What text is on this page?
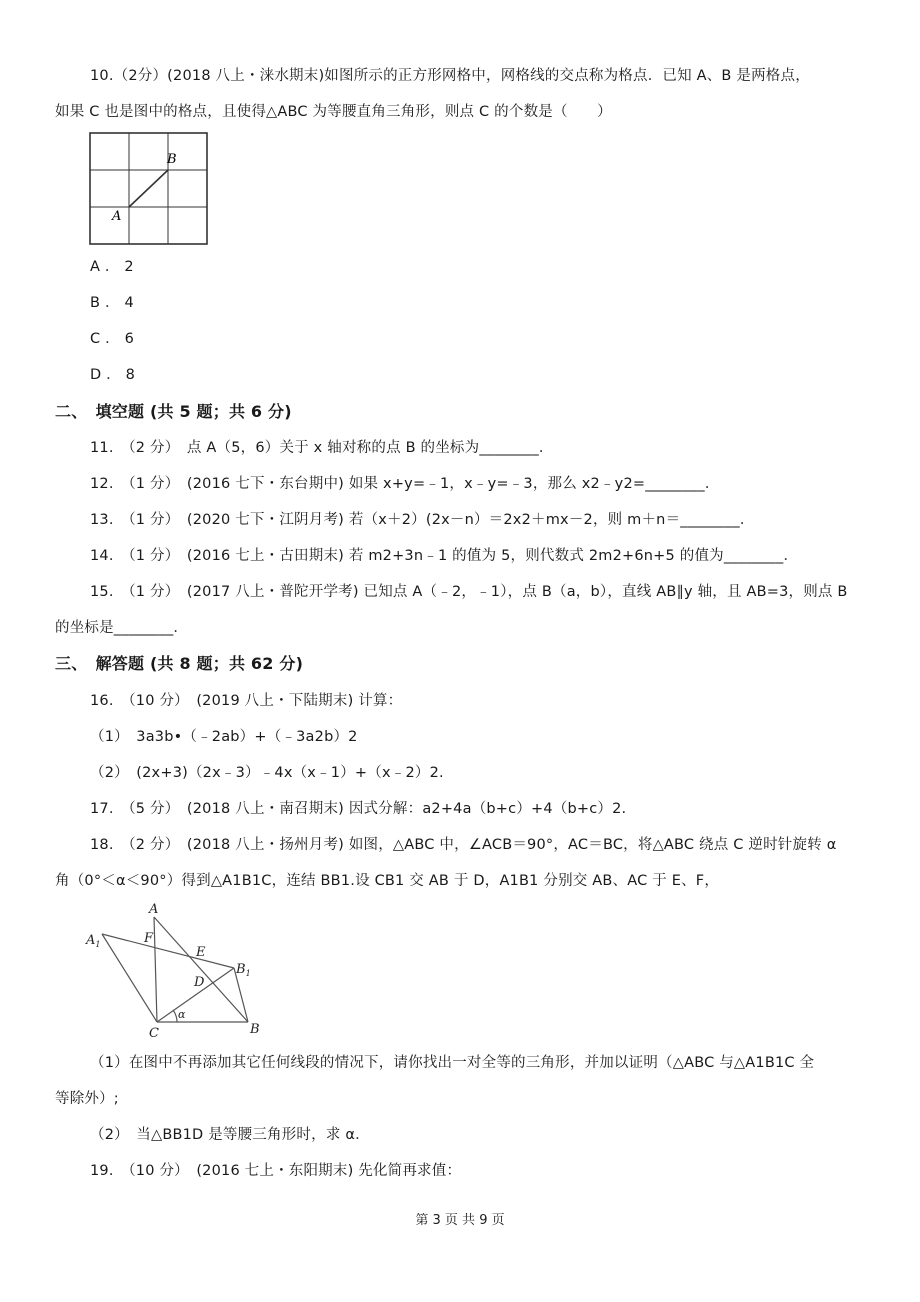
10.（2分）(2018 八上・涞水期末)如图所示的正方形网格中，网格线的交点称为格点．已知 A、B 是两格点，
如果 C 也是图中的格点，且使得△ABC 为等腰直角三角形，则点 C 的个数是（　　）
B
A
A ． 2
B ． 4
C ． 6
D ． 8
二、　填空题 (共 5 题；共 6 分)
11.　（2 分）　点 A（5，6）关于 x 轴对称的点 B 的坐标为________．
12.　（1 分）　(2016 七下・东台期中) 如果 x+y=﹣1，x﹣y=﹣3，那么 x2﹣y2=________．
13.　（1 分）　(2020 七下・江阴月考) 若（x＋2）(2x－n）＝2x2＋mx－2，则 m＋n＝________．
14.　（1 分）　(2016 七上・古田期末) 若 m2+3n﹣1 的值为 5，则代数式 2m2+6n+5 的值为________．
15.　（1 分）　(2017 八上・普陀开学考) 已知点 A（﹣2，﹣1），点 B（a，b），直线 AB∥y 轴，且 AB=3，则点 B
的坐标是________．
三、　解答题 (共 8 题；共 62 分)
16.　（10 分）　(2019 八上・下陆期末) 计算：
（1）　3a3b•（﹣2ab）+（﹣3a2b）2
（2）　(2x+3)（2x﹣3）﹣4x（x﹣1）+（x﹣2）2.
17.　（5 分）　(2018 八上・南召期末) 因式分解：a2+4a（b+c）+4（b+c）2.
18.　（2 分）　(2018 八上・扬州月考) 如图，△ABC 中，∠ACB＝90°，AC＝BC，将△ABC 绕点 C 逆时针旋转 α
角（0°＜α＜90°）得到△A1B1C，连结 BB1.设 CB1 交 AB 于 D，A1B1 分别交 AB、AC 于 E、F，
A
$A_1$	F
E
$B_1$
D
C	B
α
（1）在图中不再添加其它任何线段的情况下，请你找出一对全等的三角形，并加以证明（△ABC 与△A1B1C 全
等除外）;
（2）　当△BB1D 是等腰三角形时，求 α．
19.　（10 分）　(2016 七上・东阳期末) 先化简再求值：
第 3 页 共 9 页
